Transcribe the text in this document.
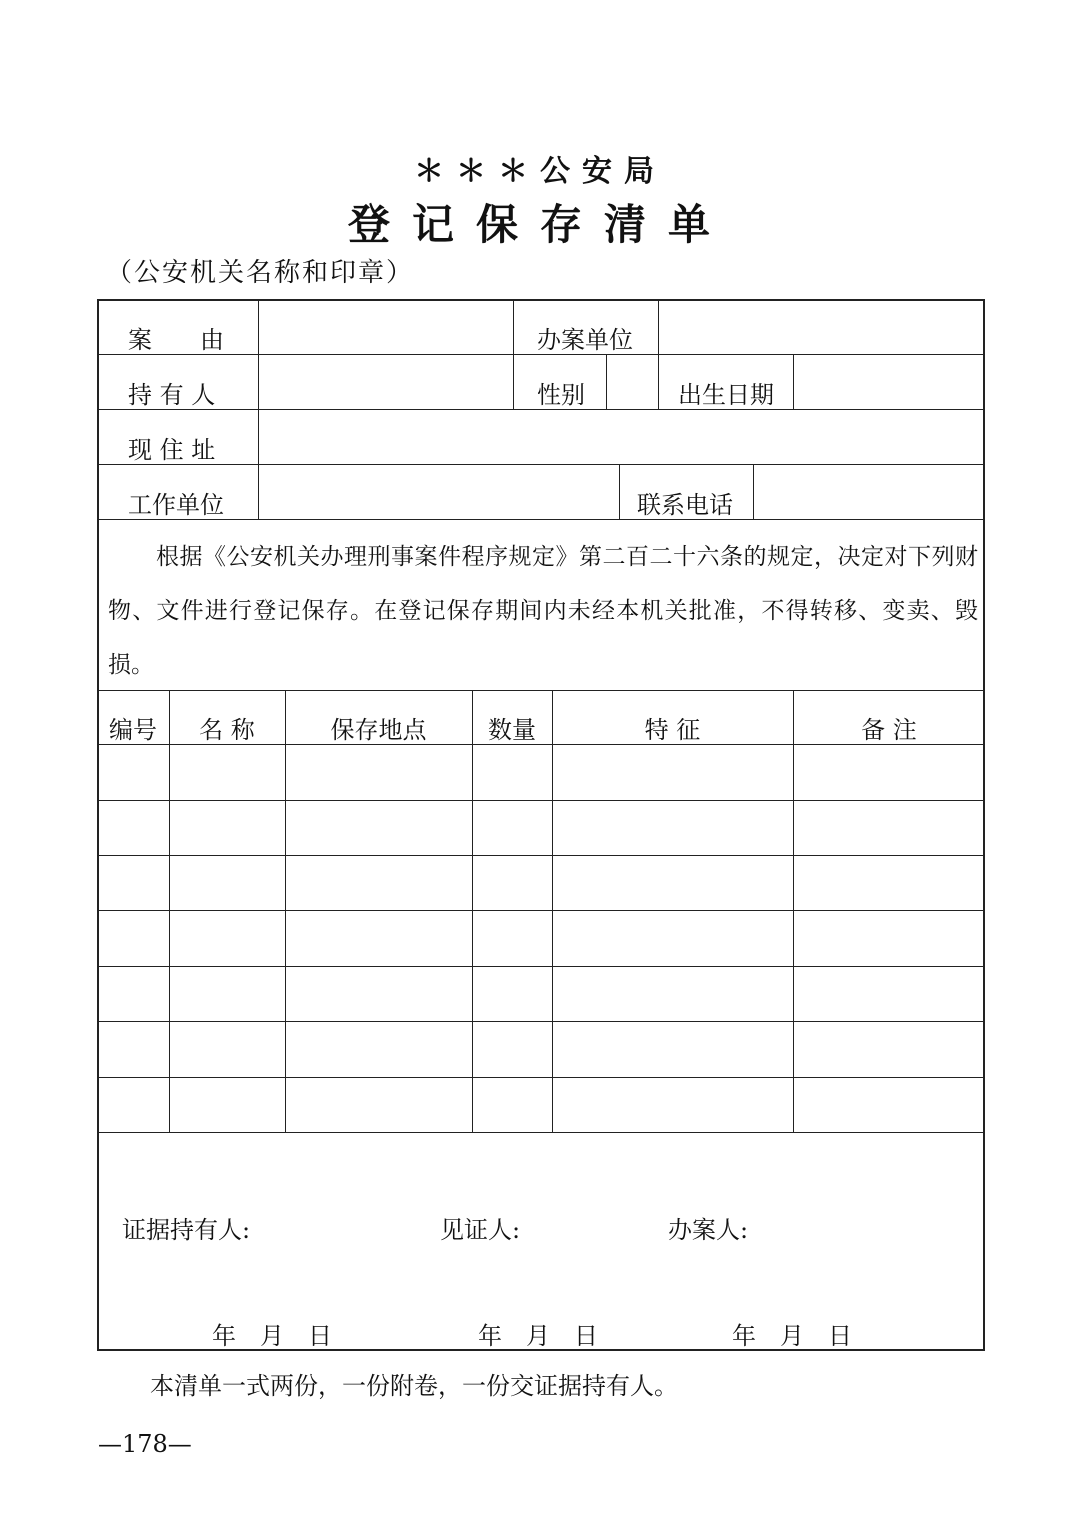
＊＊＊公安局
登记保存清单
（公安机关名称和印章）
案　　由	办案单位
持 有 人	性别	出生日期
现 住 址
工作单位	联系电话
根据《公安机关办理刑事案件程序规定》第二百二十六条的规定，决定对下列财物、文件进行登记保存。在登记保存期间内未经本机关批准，不得转移、变卖、毁损。
编号	名 称	保存地点	数量	特 征	备 注
证据持有人:	见证人:	办案人:
年　月　日	年　月　日	年　月　日
本清单一式两份，一份附卷，一份交证据持有人。
—178—
